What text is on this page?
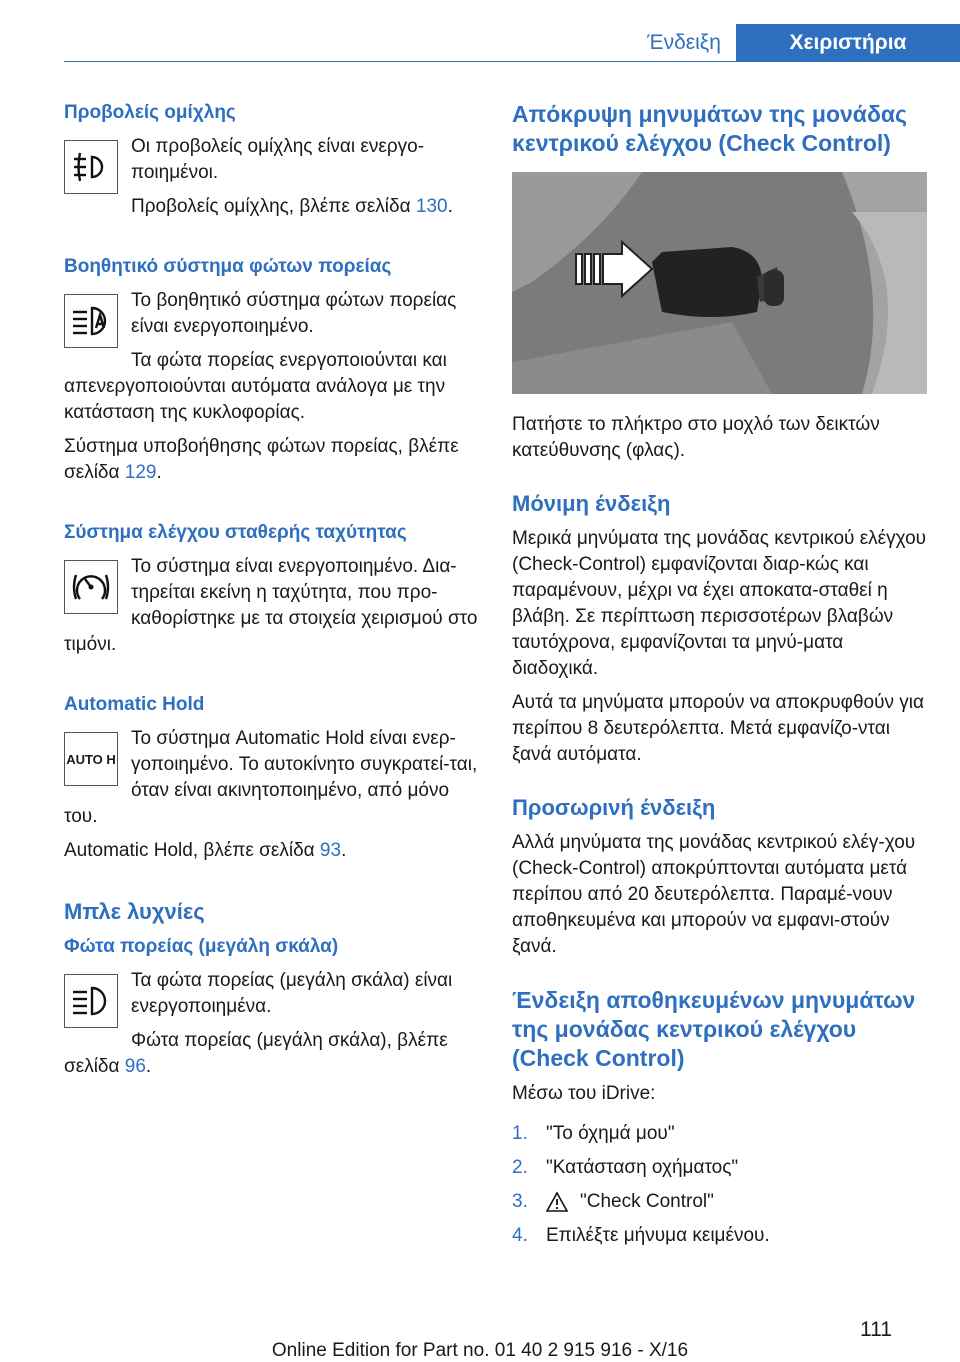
Ένδειξη	Χειριστήρια
Προβολείς ομίχλης

Οι προβολείς ομίχλης είναι ενεργο‐ποιημένοι.

Προβολείς ομίχλης, βλέπε σελίδα 130.

Βοηθητικό σύστημα φώτων πορείας

Το βοηθητικό σύστημα φώτων πορείας είναι ενεργοποιημένο.

Τα φώτα πορείας ενεργοποιούνται και απενεργοποιούνται αυτόματα ανάλογα με την κατάσταση της κυκλοφορίας.

Σύστημα υποβοήθησης φώτων πορείας, βλέπε σελίδα 129.

Σύστημα ελέγχου σταθερής ταχύτητας

Το σύστημα είναι ενεργοποιημένο. Δια‐τηρείται εκείνη η ταχύτητα, που προ‐καθορίστηκε με τα στοιχεία χειρισμού στο τιμόνι.

Automatic Hold
AUTO H

Το σύστημα Automatic Hold είναι ενερ‐γοποιημένο. Το αυτοκίνητο συγκρατεί‐ται, όταν είναι ακινητοποιημένο, από μόνο του.

Automatic Hold, βλέπε σελίδα 93.

Μπλε λυχνίες
Φώτα πορείας (μεγάλη σκάλα)

Τα φώτα πορείας (μεγάλη σκάλα) είναι ενεργοποιημένα.

Φώτα πορείας (μεγάλη σκάλα), βλέπε σελίδα 96.

Απόκρυψη μηνυμάτων της μονάδας κεντρικού ελέγχου (Check Control)

Πατήστε το πλήκτρο στο μοχλό των δεικτών κατεύθυνσης (φλας).

Μόνιμη ένδειξη

Μερικά μηνύματα της μονάδας κεντρικού ελέγχου (Check-Control) εμφανίζονται διαρ‐κώς και παραμένουν, μέχρι να έχει αποκατα‐σταθεί η βλάβη. Σε περίπτωση περισσοτέρων βλαβών ταυτόχρονα, εμφανίζονται τα μηνύ‐ματα διαδοχικά.

Αυτά τα μηνύματα μπορούν να αποκρυφθούν για περίπου 8 δευτερόλεπτα. Μετά εμφανίζο‐νται ξανά αυτόματα.

Προσωρινή ένδειξη

Αλλά μηνύματα της μονάδας κεντρικού ελέγ‐χου (Check-Control) αποκρύπτονται αυτόματα μετά περίπου από 20 δευτερόλεπτα. Παραμέ‐νουν αποθηκευμένα και μπορούν να εμφανι‐στούν ξανά.

Ένδειξη αποθηκευμένων μηνυμάτων της μονάδας κεντρικού ελέγχου (Check Control)

Μέσω του iDrive:

1. "Το όχημά μου"
2. "Κατάσταση οχήματος"
3.	"Check Control"
4. Επιλέξτε μήνυμα κειμένου.
111
Online Edition for Part no. 01 40 2 915 916 - X/16
